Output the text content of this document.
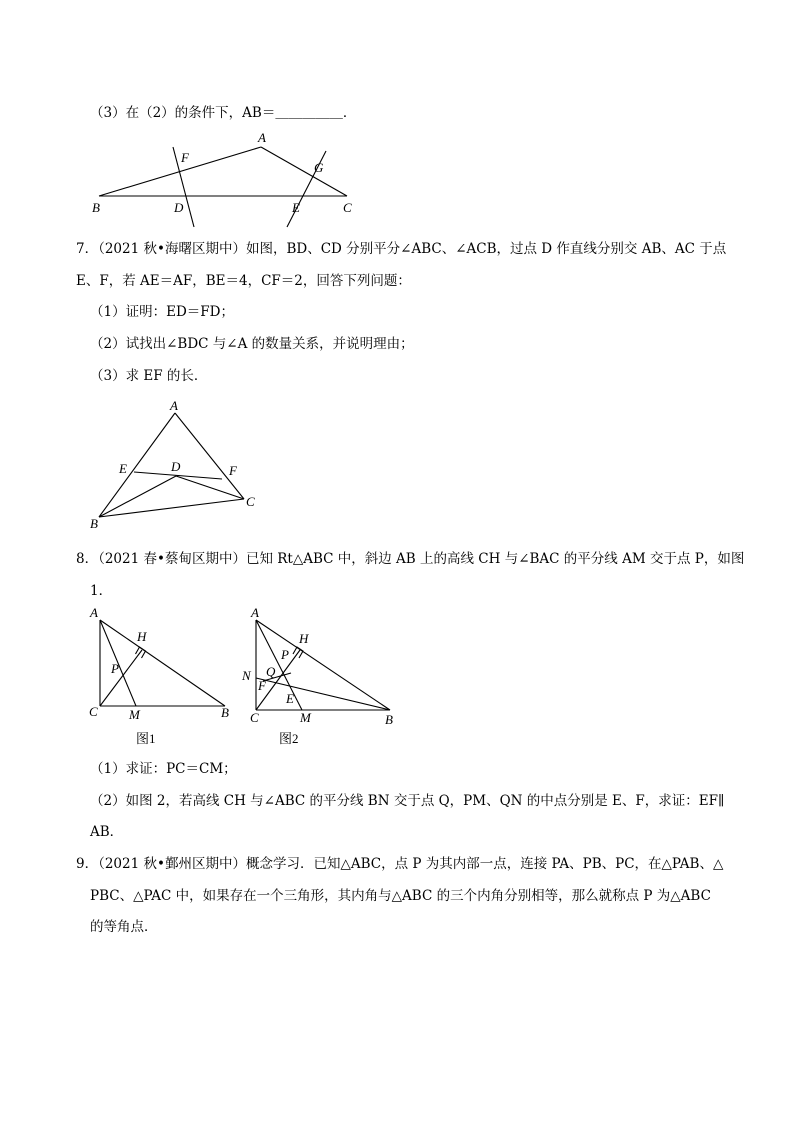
（3）在（2）的条件下，AB＝＿＿＿＿＿．
A
F
G
B	D	E	C
7．（2021 秋•海曙区期中）如图，BD、CD 分别平分∠ABC、∠ACB，过点 D 作直线分别交 AB、AC 于点
E、F，若 AE＝AF，BE＝4，CF＝2，回答下列问题：
（1）证明：ED＝FD；
（2）试找出∠BDC 与∠A 的数量关系，并说明理由；
（3）求 EF 的长．
A
E	D	F
C
B
8．（2021 春•蔡甸区期中）已知 Rt△ABC 中，斜边 AB 上的高线 CH 与∠BAC 的平分线 AM 交于点 P，如图
1．
A
H
P
C M	B
图1
A
H
P
Q
N
F
E
C	M	B
图2
（1）求证：PC＝CM；
（2）如图 2，若高线 CH 与∠ABC 的平分线 BN 交于点 Q，PM、QN 的中点分别是 E、F，求证：EF∥
AB．
9．（2021 秋•鄞州区期中）概念学习．已知△ABC，点 P 为其内部一点，连接 PA、PB、PC，在△PAB、△
PBC、△PAC 中，如果存在一个三角形，其内角与△ABC 的三个内角分别相等，那么就称点 P 为△ABC
的等角点．
